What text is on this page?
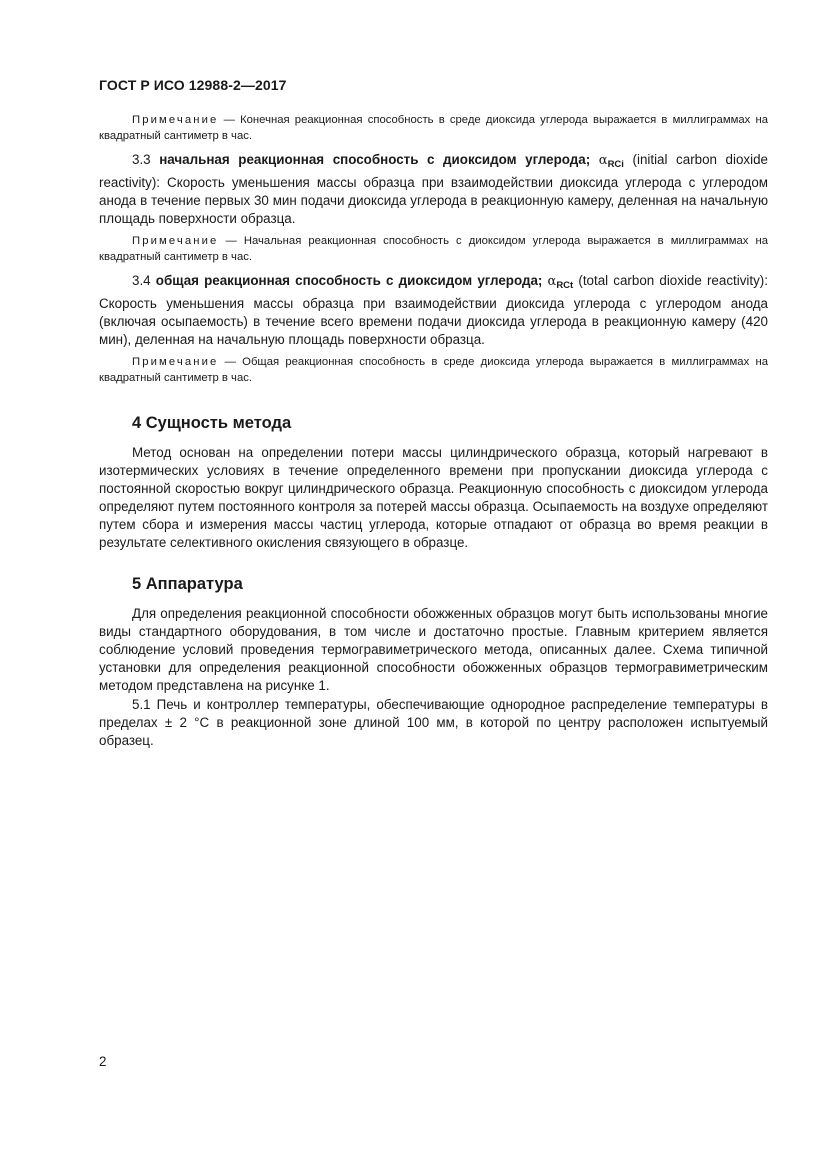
ГОСТ Р ИСО 12988-2—2017

Примечание — Конечная реакционная способность в среде диоксида углерода выражается в миллиграммах на квадратный сантиметр в час.

3.3 начальная реакционная способность с диоксидом углерода; $\alpha_{RCi}$ (initial carbon dioxide reactivity): Скорость уменьшения массы образца при взаимодействии диоксида углерода с углеродом анода в течение первых 30 мин подачи диоксида углерода в реакционную камеру, деленная на начальную площадь поверхности образца.

Примечание — Начальная реакционная способность с диоксидом углерода выражается в миллиграммах на квадратный сантиметр в час.

3.4 общая реакционная способность с диоксидом углерода; $\alpha_{RCt}$ (total carbon dioxide reactivity): Скорость уменьшения массы образца при взаимодействии диоксида углерода с углеродом анода (включая осыпаемость) в течение всего времени подачи диоксида углерода в реакционную камеру (420 мин), деленная на начальную площадь поверхности образца.

Примечание — Общая реакционная способность в среде диоксида углерода выражается в миллиграммах на квадратный сантиметр в час.

4 Сущность метода

Метод основан на определении потери массы цилиндрического образца, который нагревают в изотермических условиях в течение определенного времени при пропускании диоксида углерода с постоянной скоростью вокруг цилиндрического образца. Реакционную способность с диоксидом углерода определяют путем постоянного контроля за потерей массы образца. Осыпаемость на воздухе определяют путем сбора и измерения массы частиц углерода, которые отпадают от образца во время реакции в результате селективного окисления связующего в образце.

5 Аппаратура

Для определения реакционной способности обожженных образцов могут быть использованы многие виды стандартного оборудования, в том числе и достаточно простые. Главным критерием является соблюдение условий проведения термогравиметрического метода, описанных далее. Схема типичной установки для определения реакционной способности обожженных образцов термогравиметрическим методом представлена на рисунке 1.

5.1 Печь и контроллер температуры, обеспечивающие однородное распределение температуры в пределах ± 2 °С в реакционной зоне длиной 100 мм, в которой по центру расположен испытуемый образец.

2
